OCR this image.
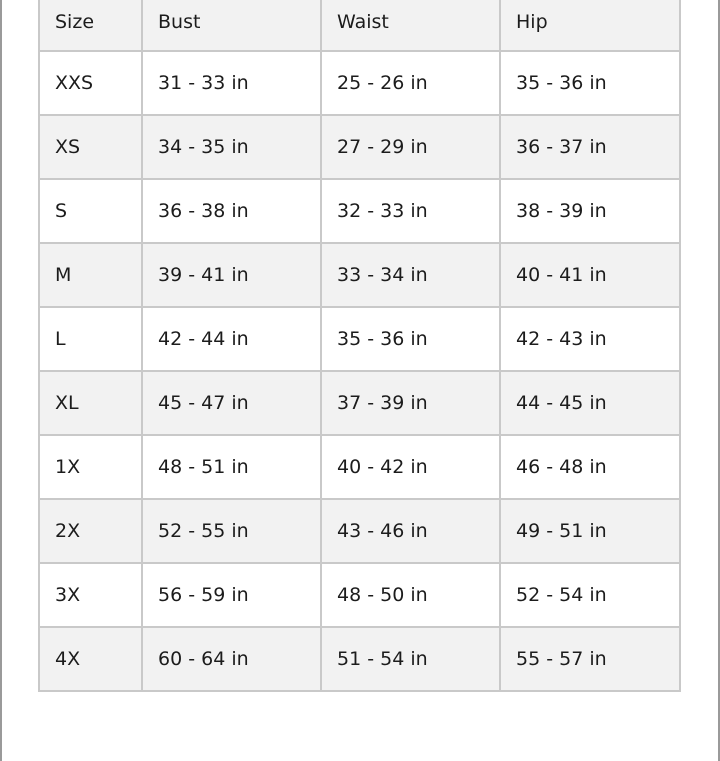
Size	Bust	Waist	Hip
XXS	31 - 33 in	25 - 26 in	35 - 36 in
XS	34 - 35 in	27 - 29 in	36 - 37 in
S	36 - 38 in	32 - 33 in	38 - 39 in
M	39 - 41 in	33 - 34 in	40 - 41 in
L	42 - 44 in	35 - 36 in	42 - 43 in
XL	45 - 47 in	37 - 39 in	44 - 45 in
1X	48 - 51 in	40 - 42 in	46 - 48 in
2X	52 - 55 in	43 - 46 in	49 - 51 in
3X	56 - 59 in	48 - 50 in	52 - 54 in
4X	60 - 64 in	51 - 54 in	55 - 57 in
